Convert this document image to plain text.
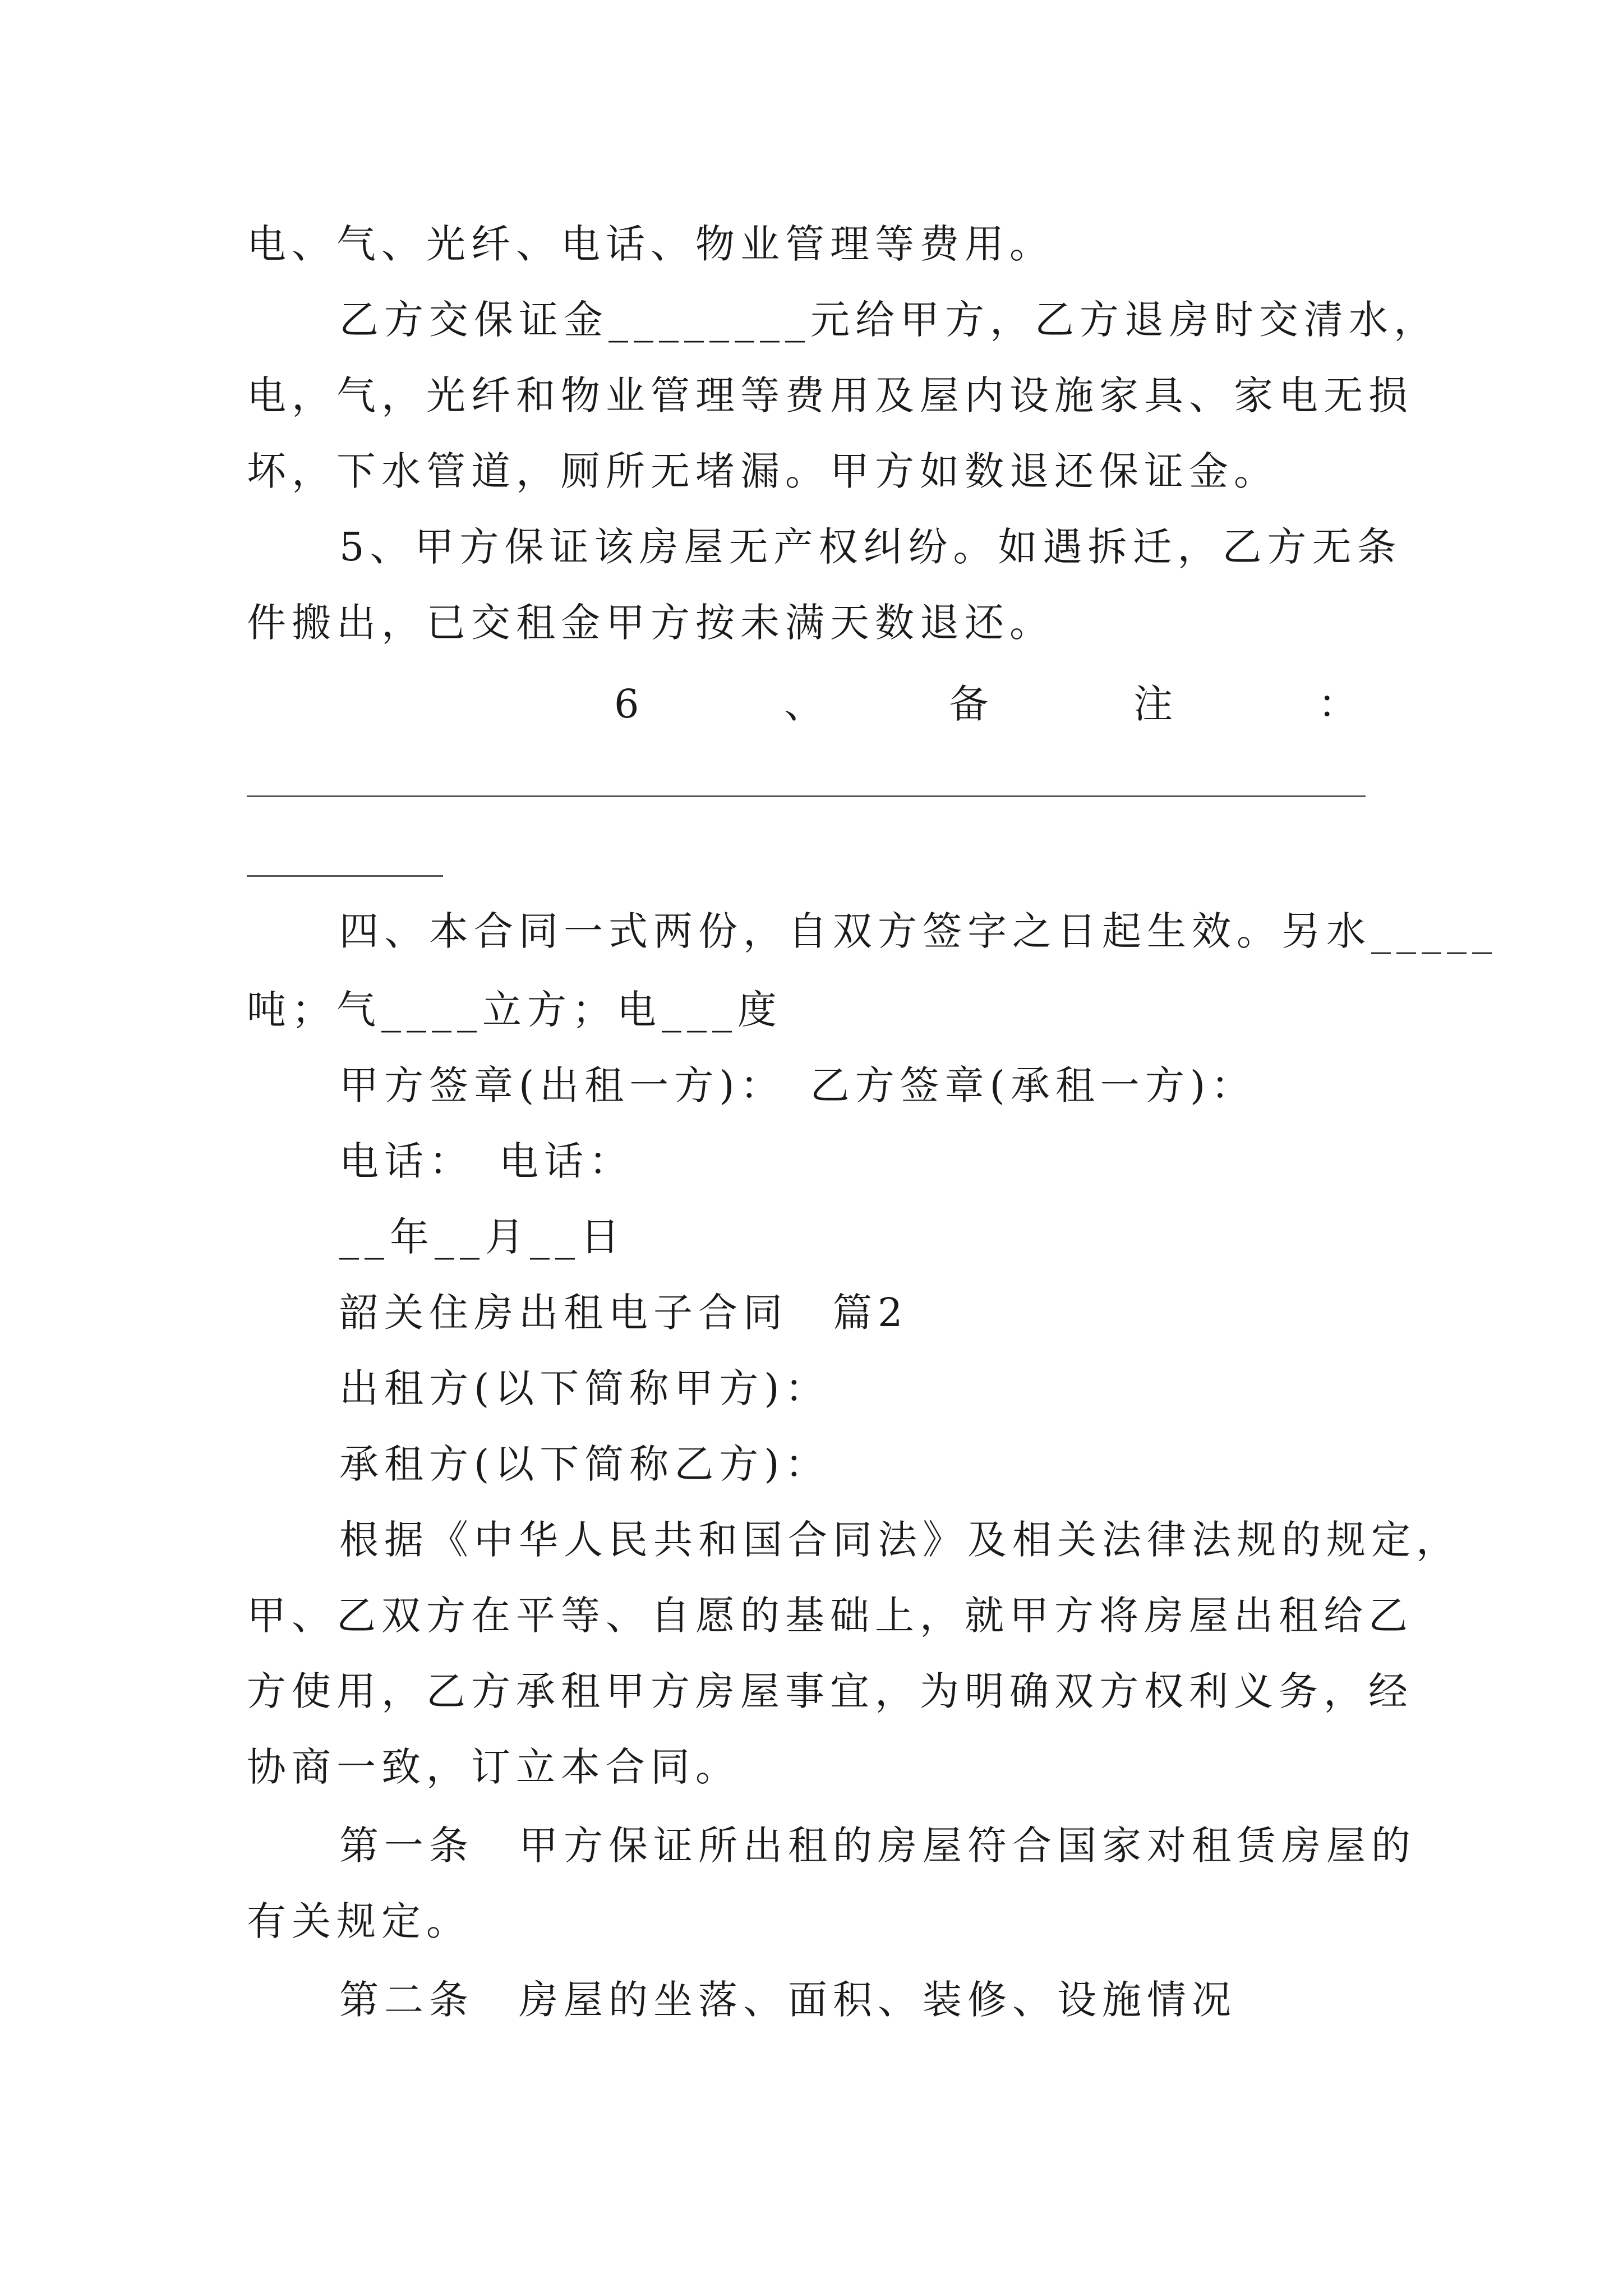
电、气、光纤、电话、物业管理等费用。
乙方交保证金________元给甲方，乙方退房时交清水，
电，气，光纤和物业管理等费用及屋内设施家具、家电无损
坏，下水管道，厕所无堵漏。甲方如数退还保证金。
5、甲方保证该房屋无产权纠纷。如遇拆迁，乙方无条
件搬出，已交租金甲方按未满天数退还。
6　、　备　注　：
四、本合同一式两份，自双方签字之日起生效。另水_____
吨；气____立方；电___度
甲方签章(出租一方)：　乙方签章(承租一方)：
电话：　电话：
__年__月__日
韶关住房出租电子合同　篇2
出租方(以下简称甲方)：
承租方(以下简称乙方)：
根据《中华人民共和国合同法》及相关法律法规的规定，
甲、乙双方在平等、自愿的基础上，就甲方将房屋出租给乙
方使用，乙方承租甲方房屋事宜，为明确双方权利义务，经
协商一致，订立本合同。
第一条　甲方保证所出租的房屋符合国家对租赁房屋的
有关规定。
第二条　房屋的坐落、面积、装修、设施情况
